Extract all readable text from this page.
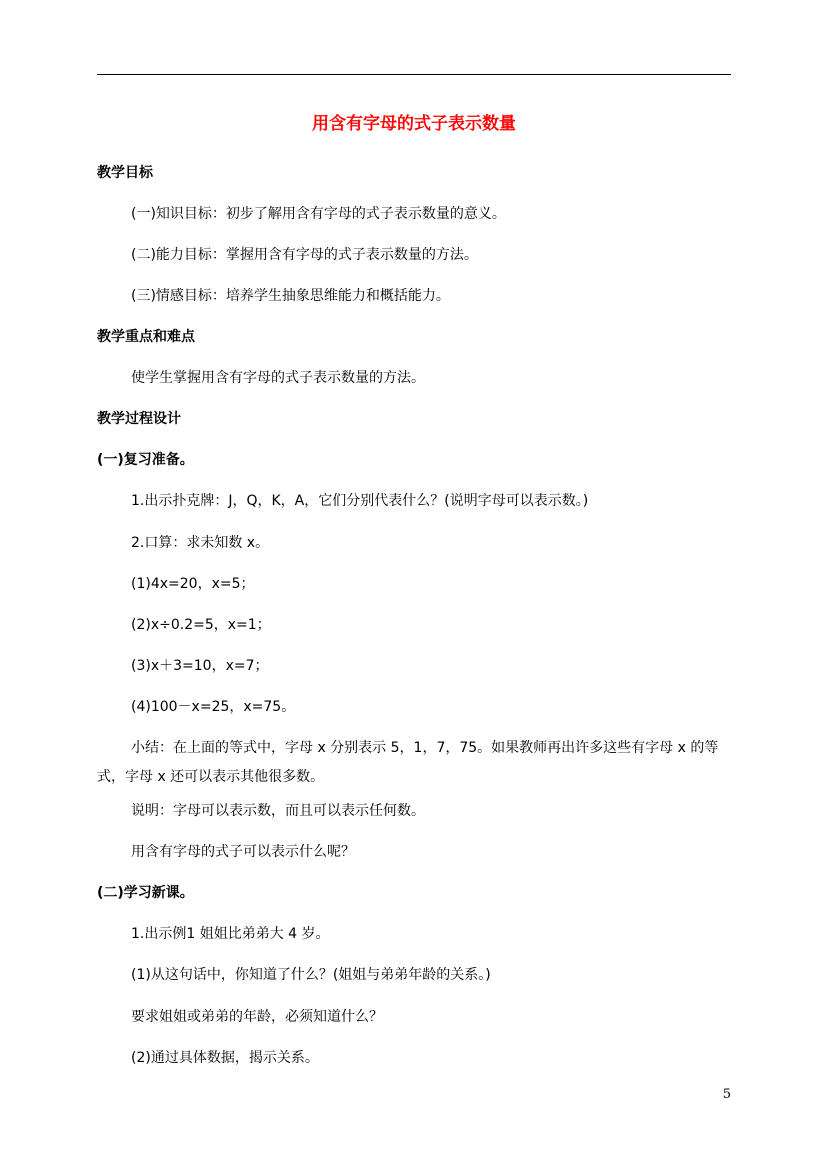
用含有字母的式子表示数量
教学目标
(一)知识目标：初步了解用含有字母的式子表示数量的意义。
(二)能力目标：掌握用含有字母的式子表示数量的方法。
(三)情感目标：培养学生抽象思维能力和概括能力。
教学重点和难点
使学生掌握用含有字母的式子表示数量的方法。
教学过程设计
(一)复习准备。
1.出示扑克牌：J，Q，K，A，它们分别代表什么？(说明字母可以表示数。)
2.口算：求未知数 x。
(1)4x=20，x=5；
(2)x÷0.2=5，x=1；
(3)x＋3=10，x=7；
(4)100－x=25，x=75。
小结：在上面的等式中，字母 x 分别表示 5，1，7，75。如果教师再出许多这些有字母 x 的等式，字母 x 还可以表示其他很多数。
说明：字母可以表示数，而且可以表示任何数。
用含有字母的式子可以表示什么呢？
(二)学习新课。
1.出示例1 姐姐比弟弟大 4 岁。
(1)从这句话中，你知道了什么？(姐姐与弟弟年龄的关系。)
要求姐姐或弟弟的年龄，必须知道什么？
(2)通过具体数据，揭示关系。
5
